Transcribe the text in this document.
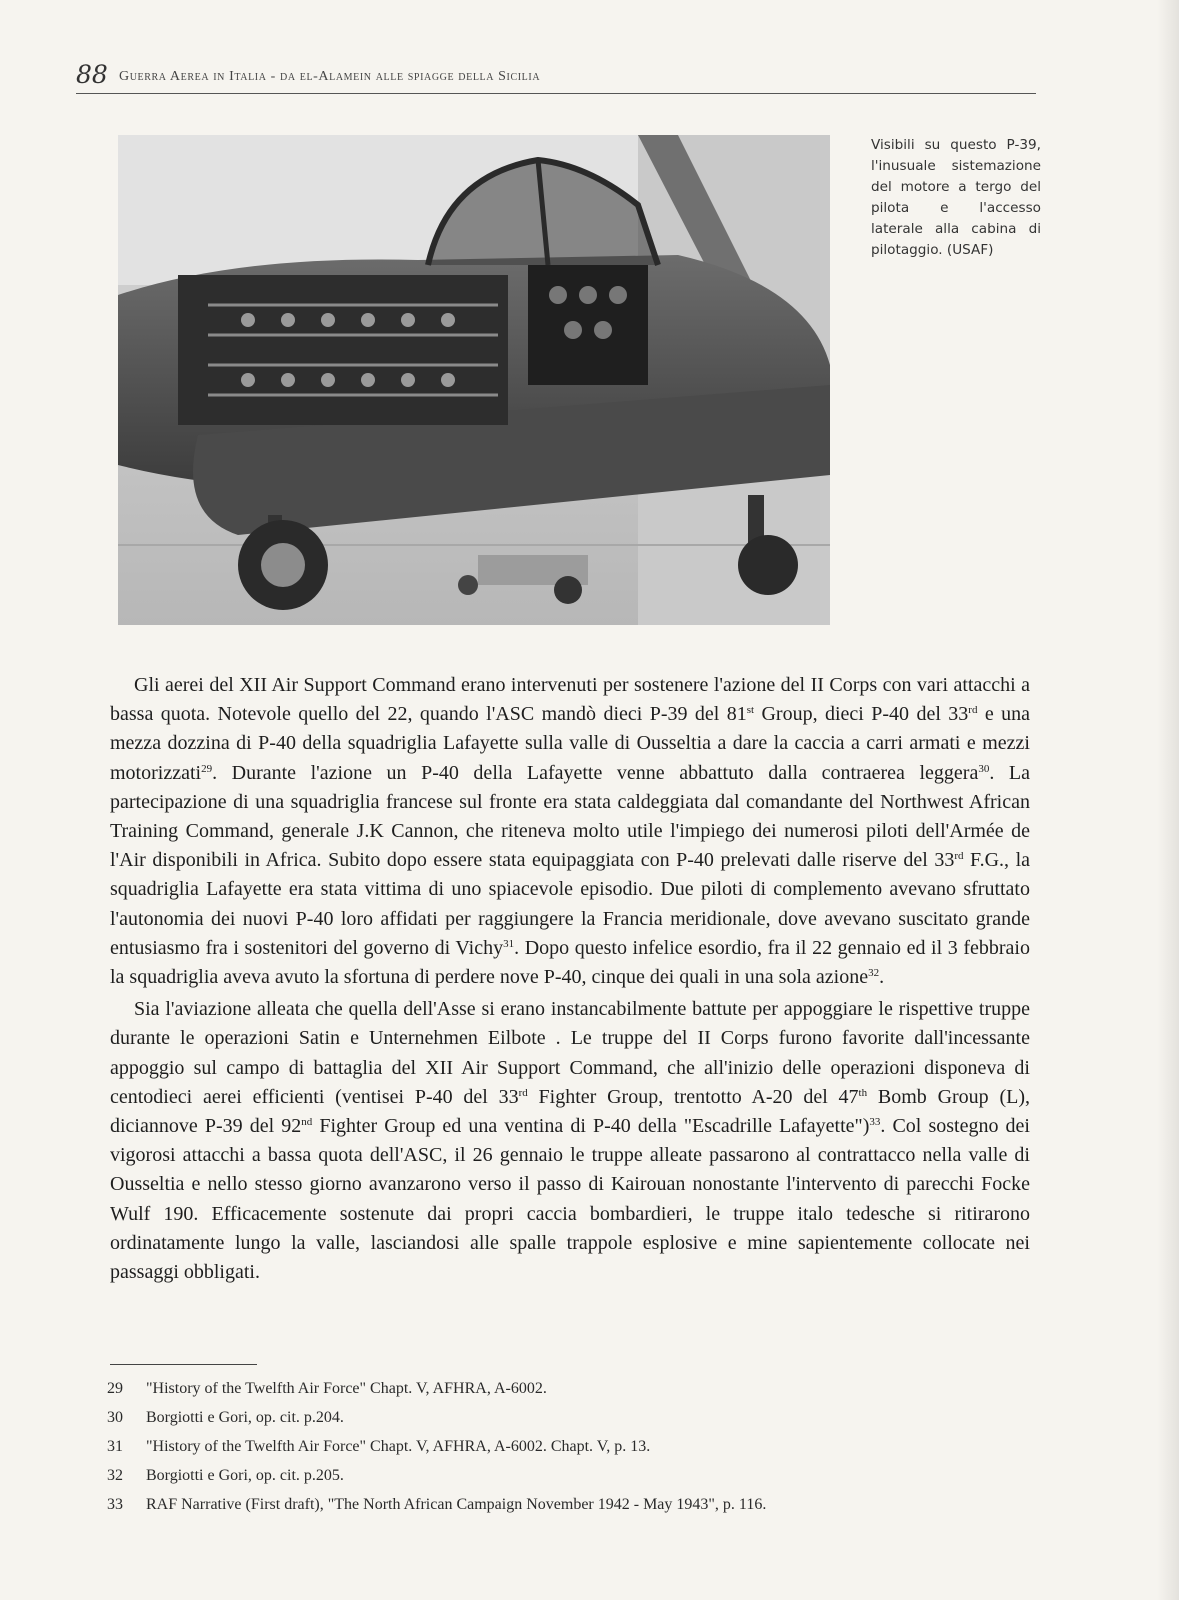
88 Guerra Aerea in Italia - da el-Alamein alle spiagge della Sicilia
Visibili su questo P-39, l'inusuale sistemazione del motore a tergo del pilota e l'accesso laterale alla cabina di pilotaggio. (USAF)

Gli aerei del XII Air Support Command erano intervenuti per sostenere l'azione del II Corps con vari attacchi a bassa quota. Notevole quello del 22, quando l'ASC mandò dieci P-39 del 81st Group, dieci P-40 del 33rd e una mezza dozzina di P-40 della squadriglia Lafayette sulla valle di Ousseltia a dare la caccia a carri armati e mezzi motorizzati$^{29}$. Durante l'azione un P-40 della Lafayette venne abbattuto dalla contraerea leggera$^{30}$. La partecipazione di una squadriglia francese sul fronte era stata caldeggiata dal comandante del Northwest African Training Command, generale J.K Cannon, che riteneva molto utile l'impiego dei numerosi piloti dell'Armée de l'Air disponibili in Africa. Subito dopo essere stata equipaggiata con P-40 prelevati dalle riserve del 33rd F.G., la squadriglia Lafayette era stata vittima di uno spiacevole episodio. Due piloti di complemento avevano sfruttato l'autonomia dei nuovi P-40 loro affidati per raggiungere la Francia meridionale, dove avevano suscitato grande entusiasmo fra i sostenitori del governo di Vichy$^{31}$. Dopo questo infelice esordio, fra il 22 gennaio ed il 3 febbraio la squadriglia aveva avuto la sfortuna di perdere nove P-40, cinque dei quali in una sola azione$^{32}$.

Sia l'aviazione alleata che quella dell'Asse si erano instancabilmente battute per appoggiare le rispettive truppe durante le operazioni Satin e Unternehmen Eilbote . Le truppe del II Corps furono favorite dall'incessante appoggio sul campo di battaglia del XII Air Support Command, che all'inizio delle operazioni disponeva di centodieci aerei efficienti (ventisei P-40 del 33rd Fighter Group, trentotto A-20 del 47th Bomb Group (L), diciannove P-39 del 92nd Fighter Group ed una ventina di P-40 della "Escadrille Lafayette")$^{33}$. Col sostegno dei vigorosi attacchi a bassa quota dell'ASC, il 26 gennaio le truppe alleate passarono al contrattacco nella valle di Ousseltia e nello stesso giorno avanzarono verso il passo di Kairouan nonostante l'intervento di parecchi Focke Wulf 190. Efficacemente sostenute dai propri caccia bombardieri, le truppe italo tedesche si ritirarono ordinatamente lungo la valle, lasciandosi alle spalle trappole esplosive e mine sapientemente collocate nei passaggi obbligati.

29	"History of the Twelfth Air Force" Chapt. V, AFHRA, A-6002.
30	Borgiotti e Gori, op. cit. p.204.
31	"History of the Twelfth Air Force" Chapt. V, AFHRA, A-6002. Chapt. V, p. 13.
32	Borgiotti e Gori, op. cit. p.205.
33	RAF Narrative (First draft), "The North African Campaign November 1942 - May 1943", p. 116.
